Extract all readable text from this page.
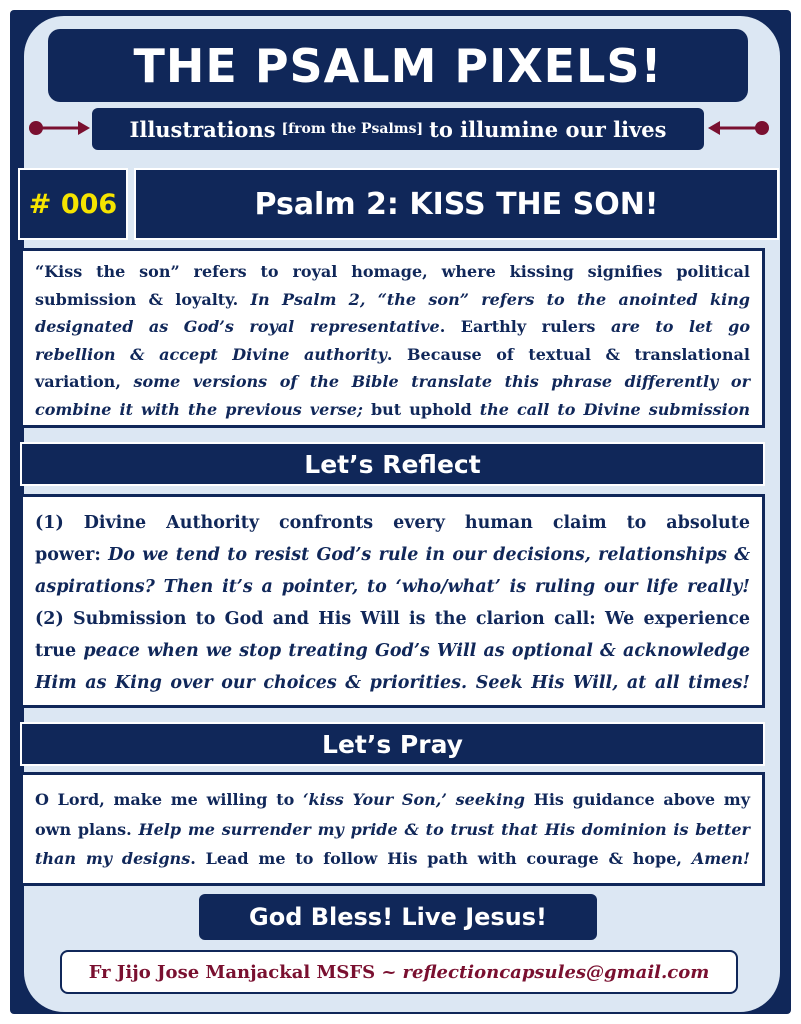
THE PSALM PIXELS!
Illustrations [from the Psalms] to illumine our lives
# 006	Psalm 2: KISS THE SON!
“Kiss the son” refers to royal homage, where kissing signifies political
submission & loyalty. In Psalm 2, “the son” refers to the anointed king
designated as God’s royal representative. Earthly rulers are to let go
rebellion & accept Divine authority. Because of textual & translational
variation, some versions of the Bible translate this phrase differently or
combine it with the previous verse; but uphold the call to Divine submission
Let’s Reflect
(1) Divine Authority confronts every human claim to absolute
power: Do we tend to resist God’s rule in our decisions, relationships &
aspirations? Then it’s a pointer, to ‘who/what’ is ruling our life really!
(2) Submission to God and His Will is the clarion call: We experience
true peace when we stop treating God’s Will as optional & acknowledge
Him as King over our choices & priorities. Seek His Will, at all times!
Let’s Pray
O Lord, make me willing to ‘kiss Your Son,’ seeking His guidance above my
own plans. Help me surrender my pride & to trust that His dominion is better
than my designs. Lead me to follow His path with courage & hope, Amen!
God Bless! Live Jesus!
Fr Jijo Jose Manjackal MSFS ~ reflectioncapsules@gmail.com
